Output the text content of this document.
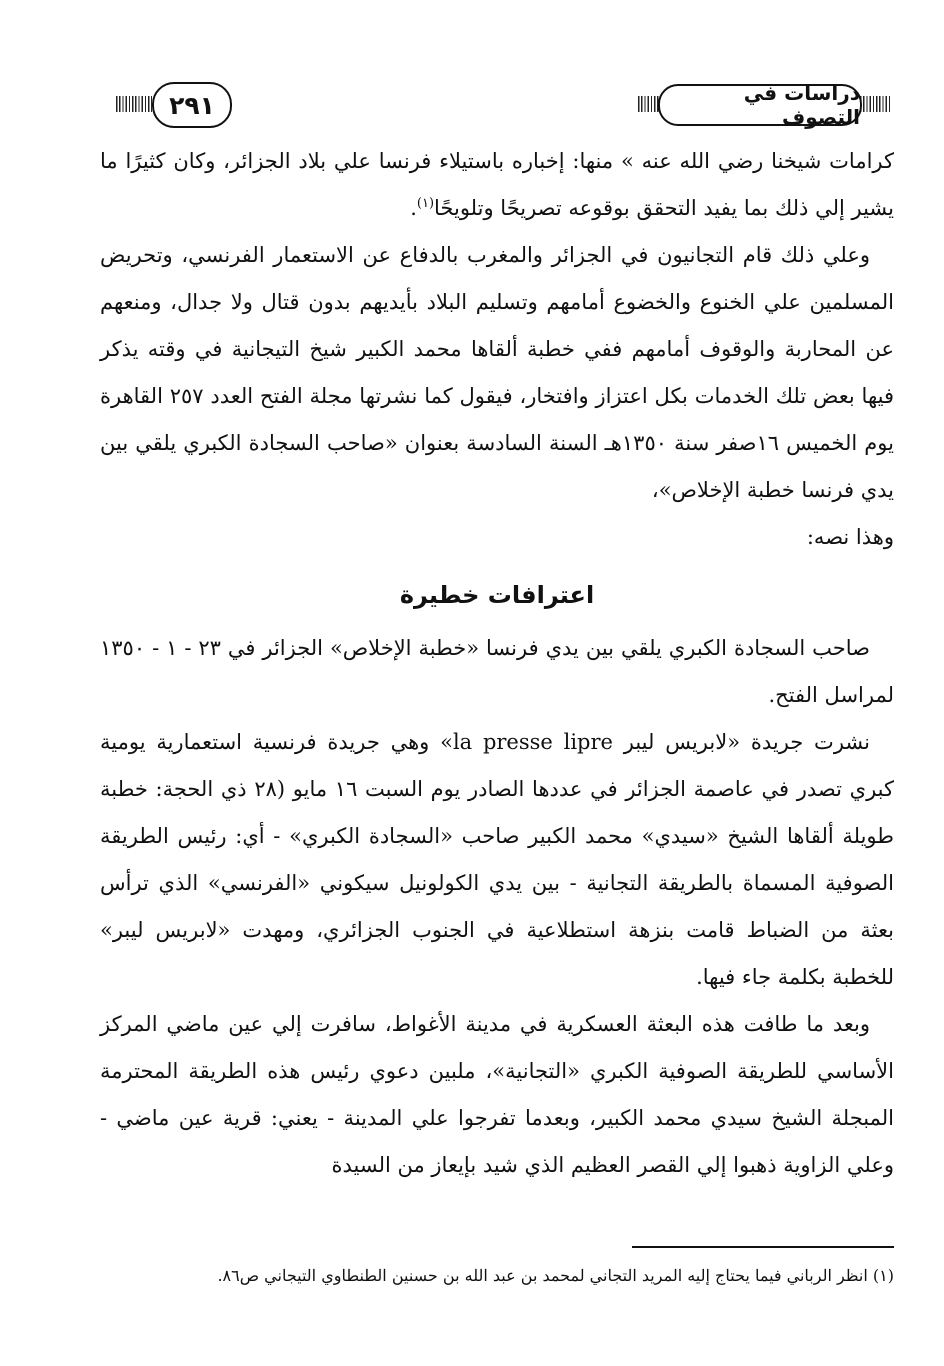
دراسات في التصوف
٢٩١

كرامات شيخنا رضي الله عنه » منها: إخباره باستيلاء فرنسا علي بلاد الجزائر، وكان كثيرًا ما يشير إلي ذلك بما يفيد التحقق بوقوعه تصريحًا وتلويحًا$^{(١)}$.

وعلي ذلك قام التجانيون في الجزائر والمغرب بالدفاع عن الاستعمار الفرنسي، وتحريض المسلمين علي الخنوع والخضوع أمامهم وتسليم البلاد بأيديهم بدون قتال ولا جدال، ومنعهم عن المحاربة والوقوف أمامهم ففي خطبة ألقاها محمد الكبير شيخ التيجانية في وقته يذكر فيها بعض تلك الخدمات بكل اعتزاز وافتخار، فيقول كما نشرتها مجلة الفتح العدد ٢٥٧ القاهرة يوم الخميس ١٦صفر سنة ١٣٥٠هـ السنة السادسة بعنوان «صاحب السجادة الكبري يلقي بين يدي فرنسا خطبة الإخلاص»،

وهذا نصه:

اعترافات خطيرة

صاحب السجادة الكبري يلقي بين يدي فرنسا «خطبة الإخلاص» الجزائر في ٢٣ - ١ - ١٣٥٠ لمراسل الفتح.

نشرت جريدة «لابريس ليبر la presse lipre» وهي جريدة فرنسية استعمارية يومية كبري تصدر في عاصمة الجزائر في عددها الصادر يوم السبت ١٦ مايو (٢٨ ذي الحجة: خطبة طويلة ألقاها الشيخ «سيدي» محمد الكبير صاحب «السجادة الكبري» - أي: رئيس الطريقة الصوفية المسماة بالطريقة التجانية - بين يدي الكولونيل سيكوني «الفرنسي» الذي ترأس بعثة من الضباط قامت بنزهة استطلاعية في الجنوب الجزائري، ومهدت «لابريس ليبر» للخطبة بكلمة جاء فيها.

وبعد ما طافت هذه البعثة العسكرية في مدينة الأغواط، سافرت إلي عين ماضي المركز الأساسي للطريقة الصوفية الكبري «التجانية»، ملبين دعوي رئيس هذه الطريقة المحترمة المبجلة الشيخ سيدي محمد الكبير، وبعدما تفرجوا علي المدينة - يعني: قرية عين ماضي - وعلي الزاوية ذهبوا إلي القصر العظيم الذي شيد بإيعاز من السيدة

(١) انظر الرباني فيما يحتاج إليه المريد التجاني لمحمد بن عبد الله بن حسنين الطنطاوي التيجاني ص٨٦.
